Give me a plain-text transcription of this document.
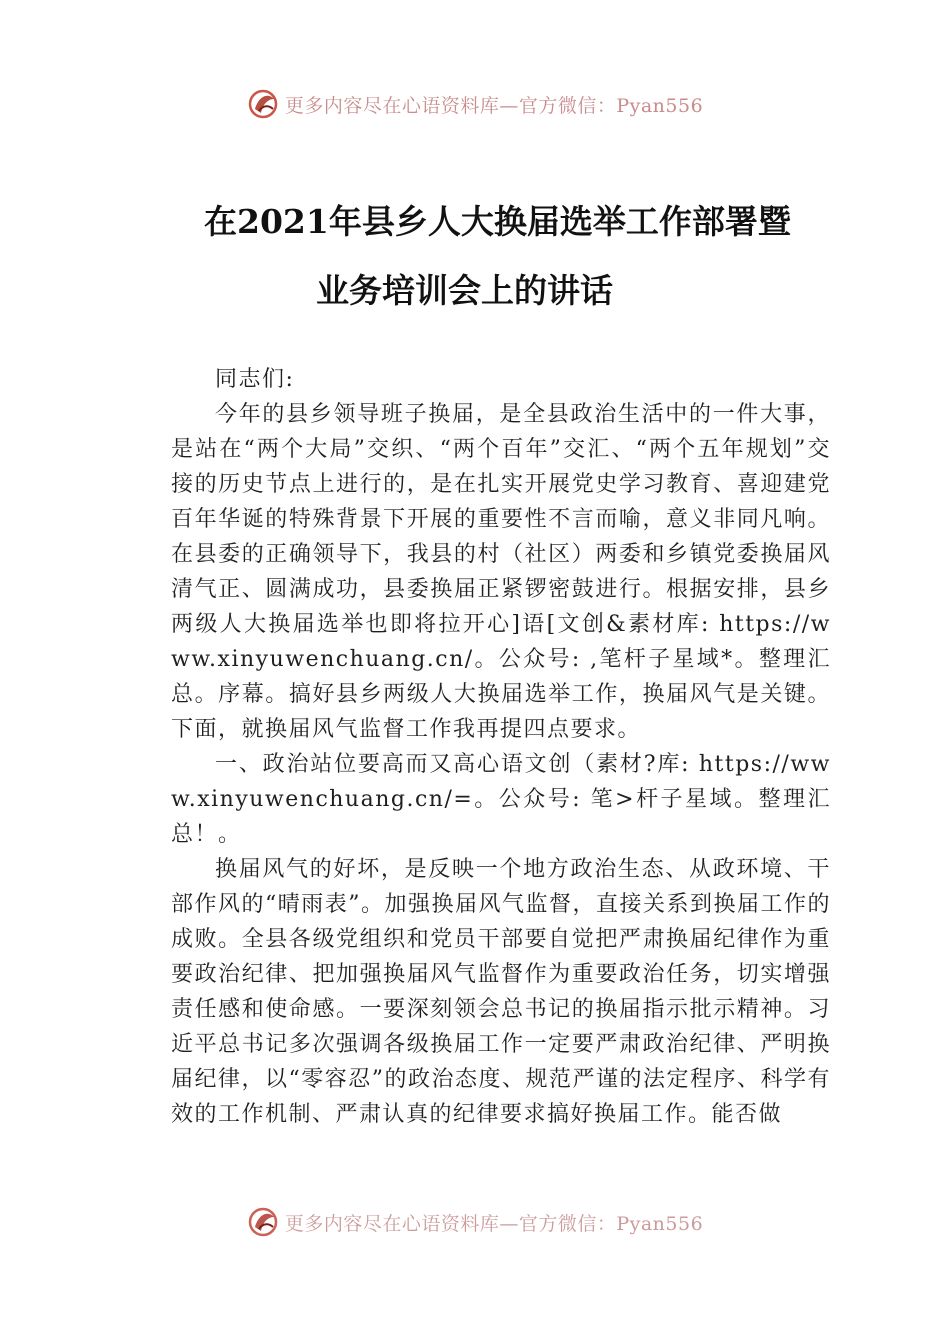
更多内容尽在心语资料库—官方微信：Pyan556
在2021年县乡人大换届选举工作部署暨
业务培训会上的讲话

同志们:

今年的县乡领导班子换届，是全县政治生活中的一件大事，是站在“两个大局”交织、“两个百年”交汇、“两个五年规划”交接的历史节点上进行的，是在扎实开展党史学习教育、喜迎建党百年华诞的特殊背景下开展的重要性不言而喻，意义非同凡响。在县委的正确领导下，我县的村（社区）两委和乡镇党委换届风清气正、圆满成功，县委换届正紧锣密鼓进行。根据安排，县乡两级人大换届选举也即将拉开心]语[文创&素材库: https://www.xinyuwenchuang.cn/。公众号: ,笔杆子星域*。整理汇总。序幕。搞好县乡两级人大换届选举工作，换届风气是关键。下面，就换届风气监督工作我再提四点要求。

一、政治站位要高而又高心语文创（素材?库: https://www.xinyuwenchuang.cn/=。公众号: 笔>杆子星域。整理汇总！。

换届风气的好坏，是反映一个地方政治生态、从政环境、干部作风的“晴雨表”。加强换届风气监督，直接关系到换届工作的成败。全县各级党组织和党员干部要自觉把严肃换届纪律作为重要政治纪律、把加强换届风气监督作为重要政治任务，切实增强责任感和使命感。一要深刻领会总书记的换届指示批示精神。习近平总书记多次强调各级换届工作一定要严肃政治纪律、严明换届纪律，以“零容忍”的政治态度、规范严谨的法定程序、科学有效的工作机制、严肃认真的纪律要求搞好换届工作。能否做

更多内容尽在心语资料库—官方微信：Pyan556
